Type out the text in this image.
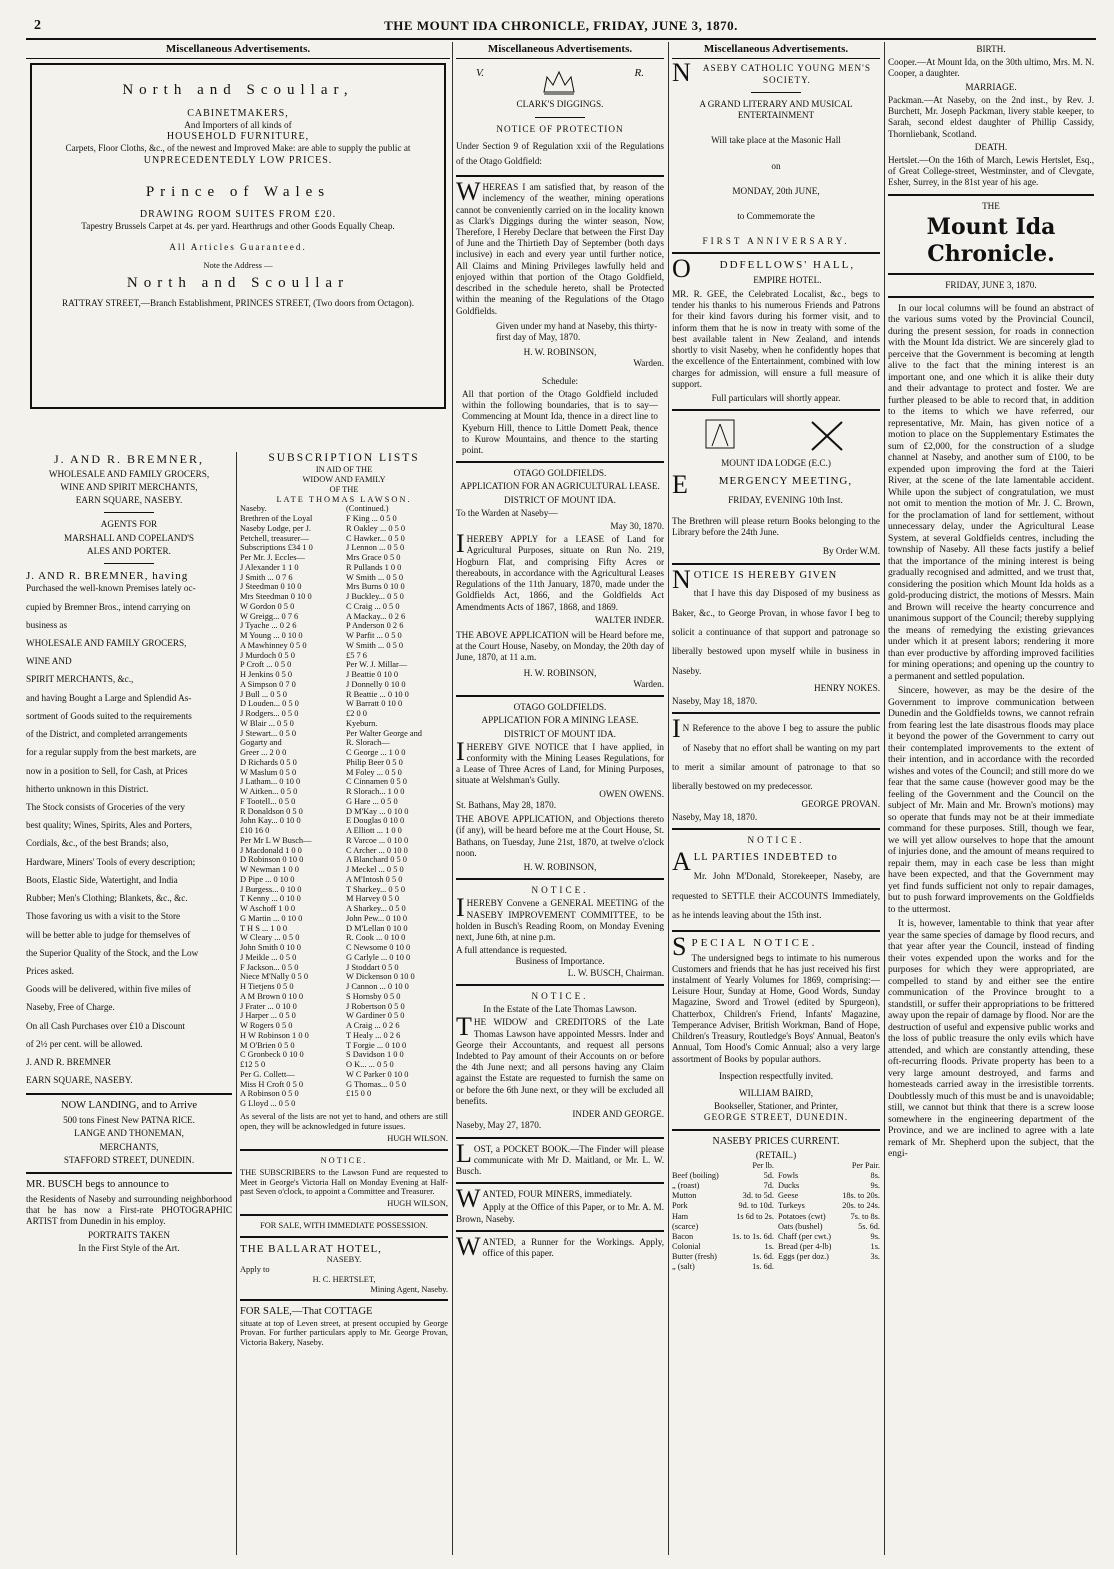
2	THE MOUNT IDA CHRONICLE, FRIDAY, JUNE 3, 1870.
Miscellaneous Advertisements.
North and Scoullar,
CABINETMAKERS,
And Importers of all kinds of
HOUSEHOLD FURNITURE,
Carpets, Floor Cloths, &c., of the newest and Improved Make: are able to supply the public at
UNPRECEDENTEDLY LOW PRICES.
Prince of Wales
DRAWING ROOM SUITES FROM £20.
Tapestry Brussels Carpet at 4s. per yard. Hearthrugs and other Goods Equally Cheap.
All Articles Guaranteed.
Note the Address —
North and Scoullar
RATTRAY STREET,—Branch Establishment, PRINCES STREET, (Two doors from Octagon).
J. AND R. BREMNER,

WHOLESALE AND FAMILY GROCERS,

WINE AND SPIRIT MERCHANTS,

EARN SQUARE, NASEBY.

AGENTS FOR

MARSHALL AND COPELAND'S

ALES AND PORTER.

J. AND R. BREMNER, having
Purchased the well-known Premises lately oc-
cupied by Bremner Bros., intend carrying on
business as
WHOLESALE AND FAMILY GROCERS,
WINE AND
SPIRIT MERCHANTS, &c.,
and having Bought a Large and Splendid As-
sortment of Goods suited to the requirements
of the District, and completed arrangements
for a regular supply from the best markets, are
now in a position to Sell, for Cash, at Prices
hitherto unknown in this District.
The Stock consists of Groceries of the very
best quality; Wines, Spirits, Ales and Porters,
Cordials, &c., of the best Brands; also,
Hardware, Miners' Tools of every description;
Boots, Elastic Side, Watertight, and India
Rubber; Men's Clothing; Blankets, &c., &c.
Those favoring us with a visit to the Store
will be better able to judge for themselves of
the Superior Quality of the Stock, and the Low
Prices asked.
Goods will be delivered, within five miles of
Naseby, Free of Charge.
On all Cash Purchases over £10 a Discount
of 2½ per cent. will be allowed.
J. AND R. BREMNER
EARN SQUARE, NASEBY.
NOW LANDING, and to Arrive

500 tons Finest New PATNA RICE.

LANGE AND THONEMAN,

MERCHANTS,

STAFFORD STREET, DUNEDIN.

MR. BUSCH begs to announce to

the Residents of Naseby and surrounding neighborhood that he has now a First-rate PHOTOGRAPHIC ARTIST from Dunedin in his employ.

PORTRAITS TAKEN

In the First Style of the Art.

SUBSCRIPTION LISTS
IN AID OF THE
WIDOW AND FAMILY
OF THE
LATE THOMAS LAWSON.
Naseby.
Brethren of the Loyal
Naseby Lodge, per J.
Petchell, treasurer—
Subscriptions £34 1 0
Per Mr. J. Eccles—
J Alexander 1 1 0
J Smith ... 0 7 6
J Steedman 0 10 0
Mrs Steedman 0 10 0
W Gordon 0 5 0
W Greigg... 0 7 6
J Tyache ... 0 2 6
M Young ... 0 10 0
A Mawhinney 0 5 0
J Murdoch 0 5 0
P Croft ... 0 5 0
H Jenkins 0 5 0
A Simpson 0 7 0
J Bull ... 0 5 0
D Louden... 0 5 0
J Rodgers... 0 5 0
W Blair ... 0 5 0
J Stewart... 0 5 0
Gogarty and
Greer ... 2 0 0
D Richards 0 5 0
W Maslum 0 5 0
J Latham... 0 10 0
W Aitken... 0 5 0
F Tootell... 0 5 0
R Donaldson 0 5 0
John Kay... 0 10 0
£10 16 0
Per Mr L W Busch—
J Macdonald 1 0 0
D Robinson 0 10 0
W Newman 1 0 0
D Pipe ... 0 10 0
J Burgess... 0 10 0
T Kenny ... 0 10 0
W Aschoff 1 0 0
G Martin ... 0 10 0
T H S ... 1 0 0
W Cleary ... 0 5 0
John Smith 0 10 0
J Meikle ... 0 5 0
F Jackson... 0 5 0
Niece M'Nally 0 5 0
H Tietjens 0 5 0
A M Brown 0 10 0
J Frater ... 0 10 0
J Harper ... 0 5 0
W Rogers 0 5 0
H W Robinson 1 0 0
M O'Brien 0 5 0
C Gronbeck 0 10 0
£12 5 0
Per G. Collett—
Miss H Croft 0 5 0
A Robinson 0 5 0
G Lloyd ... 0 5 0
(Continued.)
F King ... 0 5 0
R Oakley ... 0 5 0
C Hawker... 0 5 0
J Lennon ... 0 5 0
Mrs Grace 0 5 0
R Pullands 1 0 0
W Smith ... 0 5 0
Mrs Burns 0 10 0
J Buckley... 0 5 0
C Craig ... 0 5 0
A Mackay... 0 2 6
P Anderson 0 2 6
W Parfit ... 0 5 0
W Smith ... 0 5 0
£5 7 6
Per W. J. Millar—
J Beattie 0 10 0
J Donnelly 0 10 0
R Beattie ... 0 10 0
W Barratt 0 10 0
£2 0 0
Kyeburn.
Per Walter George and
R. Slorach—
C George ... 1 0 0
Philip Beer 0 5 0
M Foley ... 0 5 0
C Cinnamen 0 5 0
R Slorach... 1 0 0
G Hare ... 0 5 0
D M'Kay ... 0 10 0
E Douglas 0 10 0
A Elliott ... 1 0 0
R Varcoe ... 0 10 0
C Archer ... 0 10 0
A Blanchard 0 5 0
J Meckel ... 0 5 0
A M'Intosh 0 5 0
T Sharkey... 0 5 0
M Harvey 0 5 0
A Sharkey... 0 5 0
John Pew... 0 10 0
D M'Lellan 0 10 0
R. Cook ... 0 10 0
C Newsome 0 10 0
G Carlyle ... 0 10 0
J Stoddart 0 5 0
W Dickenson 0 10 0
J Cannon ... 0 10 0
S Hornsby 0 5 0
J Robertson 0 5 0
W Gardiner 0 5 0
A Craig ... 0 2 6
T Healy ... 0 2 6
T Forgie ... 0 10 0
S Davidson 1 0 0
O K... ... 0 5 0
W C Parker 0 10 0
G Thomas... 0 5 0
£15 0 0

As several of the lists are not yet to hand, and others are still open, they will be acknowledged in future issues.

HUGH WILSON.

NOTICE.

THE SUBSCRIBERS to the Lawson Fund are requested to Meet in George's Victoria Hall on Monday Evening at Half-past Seven o'clock, to appoint a Committee and Treasurer.

HUGH WILSON,

FOR SALE, WITH IMMEDIATE POSSESSION.

THE BALLARAT HOTEL,

NASEBY.

Apply to

H. C. HERTSLET,

Mining Agent, Naseby.

FOR SALE,—That COTTAGE

situate at top of Leven street, at present occupied by George Provan. For further particulars apply to Mr. George Provan, Victoria Bakery, Naseby.

Miscellaneous Advertisements.
V.	R.

CLARK'S DIGGINGS.

NOTICE OF PROTECTION

Under Section 9 of Regulation xxii of the Regulations of the Otago Goldfield:

WHEREAS I am satisfied that, by reason of the inclemency of the weather, mining operations cannot be conveniently carried on in the locality known as Clark's Diggings during the winter season, Now, Therefore, I Hereby Declare that between the First Day of June and the Thirtieth Day of September (both days inclusive) in each and every year until further notice, All Claims and Mining Privileges lawfully held and enjoyed within that portion of the Otago Goldfield, described in the schedule hereto, shall be Protected within the meaning of the Regulations of the Otago Goldfields.

Given under my hand at Naseby, this thirty-first day of May, 1870.

H. W. ROBINSON,

Warden.

Schedule:

All that portion of the Otago Goldfield included within the following boundaries, that is to say—Commencing at Mount Ida, thence in a direct line to Kyeburn Hill, thence to Little Domett Peak, thence to Kurow Mountains, and thence to the starting point.

OTAGO GOLDFIELDS.

APPLICATION FOR AN AGRICULTURAL LEASE.

DISTRICT OF MOUNT IDA.

To the Warden at Naseby—

May 30, 1870.

IHEREBY APPLY for a LEASE of Land for Agricultural Purposes, situate on Run No. 219, Hogburn Flat, and comprising Fifty Acres or thereabouts, in accordance with the Agricultural Leases Regulations of the 11th January, 1870, made under the Goldfields Act, 1866, and the Goldfields Act Amendments Acts of 1867, 1868, and 1869.

WALTER INDER.

THE ABOVE APPLICATION will be Heard before me, at the Court House, Naseby, on Monday, the 20th day of June, 1870, at 11 a.m.

H. W. ROBINSON,

Warden.

OTAGO GOLDFIELDS.

APPLICATION FOR A MINING LEASE.

DISTRICT OF MOUNT IDA.

IHEREBY GIVE NOTICE that I have applied, in conformity with the Mining Leases Regulations, for a Lease of Three Acres of Land, for Mining Purposes, situate at Welshman's Gully.

OWEN OWENS.

St. Bathans, May 28, 1870.

THE ABOVE APPLICATION, and Objections thereto (if any), will be heard before me at the Court House, St. Bathans, on Tuesday, June 21st, 1870, at twelve o'clock noon.

H. W. ROBINSON,

NOTICE.

IHEREBY Convene a GENERAL MEETING of the NASEBY IMPROVEMENT COMMITTEE, to be holden in Busch's Reading Room, on Monday Evening next, June 6th, at nine p.m.

A full attendance is requested.

Business of Importance.

L. W. BUSCH, Chairman.

NOTICE.

In the Estate of the Late Thomas Lawson.

THE WIDOW and CREDITORS of the Late Thomas Lawson have appointed Messrs. Inder and George their Accountants, and request all persons Indebted to Pay amount of their Accounts on or before the 4th June next; and all persons having any Claim against the Estate are requested to furnish the same on or before the 6th June next, or they will be excluded all benefits.

INDER AND GEORGE.

Naseby, May 27, 1870.

LOST, a POCKET BOOK.—The Finder will please communicate with Mr D. Maitland, or Mr. L. W. Busch.

WANTED, FOUR MINERS, immediately.

Apply at the Office of this Paper, or to Mr. A. M. Brown, Naseby.

WANTED, a Runner for the Workings. Apply, office of this paper.

Miscellaneous Advertisements.

NASEBY CATHOLIC YOUNG MEN'S SOCIETY.

A GRAND LITERARY AND MUSICAL ENTERTAINMENT

Will take place at the Masonic Hall

on

MONDAY, 20th JUNE,

to Commemorate the

FIRST ANNIVERSARY.

ODDFELLOWS' HALL,

EMPIRE HOTEL.

MR. R. GEE, the Celebrated Localist, &c., begs to tender his thanks to his numerous Friends and Patrons for their kind favors during his former visit, and to inform them that he is now in treaty with some of the best available talent in New Zealand, and intends shortly to visit Naseby, when he confidently hopes that the excellence of the Entertainment, combined with low charges for admission, will ensure a full measure of support.

Full particulars will shortly appear.

MOUNT IDA LODGE (E.C.)

EMERGENCY MEETING,

FRIDAY, EVENING 10th Inst.

The Brethren will please return Books belonging to the Library before the 24th June.

By Order W.M.

NOTICE IS HEREBY GIVEN

that I have this day Disposed of my business as Baker, &c., to George Provan, in whose favor I beg to solicit a continuance of that support and patronage so liberally bestowed upon myself while in business in Naseby.

HENRY NOKES.

Naseby, May 18, 1870.

IN Reference to the above I beg to assure the public of Naseby that no effort shall be wanting on my part to merit a similar amount of patronage to that so liberally bestowed on my predecessor.

GEORGE PROVAN.

Naseby, May 18, 1870.

NOTICE.

ALL PARTIES INDEBTED to

Mr. John M'Donald, Storekeeper, Naseby, are requested to SETTLE their ACCOUNTS Immediately, as he intends leaving about the 15th inst.

SPECIAL NOTICE.

The undersigned begs to intimate to his numerous Customers and friends that he has just received his first instalment of Yearly Volumes for 1869, comprising:—Leisure Hour, Sunday at Home, Good Words, Sunday Magazine, Sword and Trowel (edited by Spurgeon), Chatterbox, Children's Friend, Infants' Magazine, Temperance Adviser, British Workman, Band of Hope, Children's Treasury, Routledge's Boys' Annual, Beaton's Annual, Tom Hood's Comic Annual; also a very large assortment of Books by popular authors.

Inspection respectfully invited.

WILLIAM BAIRD,

Bookseller, Stationer, and Printer,

GEORGE STREET, DUNEDIN.

NASEBY PRICES CURRENT.

(RETAIL.)

Per lb.
Beef (boiling)	5d.
„ (roast)	7d.
Mutton	3d. to 5d.
Pork	9d. to 10d.
Ham	1s 6d to 2s.
(scarce)
Bacon	1s. to 1s. 6d.
Colonial	1s.
Butter (fresh)	1s. 6d.
„ (salt)	1s. 6d.
Per Pair.
Fowls	8s.
Ducks	9s.
Geese	18s. to 20s.
Turkeys	20s. to 24s.
Potatoes (cwt)	7s. to 8s.
Oats (bushel)	5s. 6d.
Chaff (per cwt.)	9s.
Bread (per 4-lb)	1s.
Eggs (per doz.)	3s.

BIRTH.

Cooper.—At Mount Ida, on the 30th ultimo, Mrs. M. N. Cooper, a daughter.

MARRIAGE.

Packman.—At Naseby, on the 2nd inst., by Rev. J. Burchett, Mr. Joseph Packman, livery stable keeper, to Sarah, second eldest daughter of Phillip Cassidy, Thornliebank, Scotland.

DEATH.

Hertslet.—On the 16th of March, Lewis Hertslet, Esq., of Great College-street, Westminster, and of Clevgate, Esher, Surrey, in the 81st year of his age.

THE

Mount Ida Chronicle.

FRIDAY, JUNE 3, 1870.

In our local columns will be found an abstract of the various sums voted by the Provincial Council, during the present session, for roads in connection with the Mount Ida district. We are sincerely glad to perceive that the Government is becoming at length alive to the fact that the mining interest is an important one, and one which it is alike their duty and their advantage to protect and foster. We are further pleased to be able to record that, in addition to the items to which we have referred, our representative, Mr. Main, has given notice of a motion to place on the Supplementary Estimates the sum of £2,000, for the construction of a sludge channel at Naseby, and another sum of £100, to be expended upon improving the ford at the Taieri River, at the scene of the late lamentable accident. While upon the subject of congratulation, we must not omit to mention the motion of Mr. J. C. Brown, for the proclamation of land for settlement, without unnecessary delay, under the Agricultural Lease System, at several Goldfields centres, including the township of Naseby. All these facts justify a belief that the importance of the mining interest is being gradually recognised and admitted, and we trust that, considering the position which Mount Ida holds as a gold-producing district, the motions of Messrs. Main and Brown will receive the hearty concurrence and unanimous support of the Council; thereby supplying the means of remedying the existing grievances under which it at present labors; rendering it more than ever productive by affording improved facilities for mining operations; and opening up the country to a permanent and settled population.

Sincere, however, as may be the desire of the Government to improve communication between Dunedin and the Goldfields towns, we cannot refrain from fearing lest the late disastrous floods may place it beyond the power of the Government to carry out their contemplated improvements to the extent of their intention, and in accordance with the recorded wishes and votes of the Council; and still more do we fear that the same cause (however good may be the feeling of the Government and the Council on the subject of Mr. Main and Mr. Brown's motions) may so operate that funds may not be at their immediate command for these purposes. Still, though we fear, we will yet allow ourselves to hope that the amount of injuries done, and the amount of means required to repair them, may in each case be less than might have been expected, and that the Government may yet find funds sufficient not only to repair damages, but to push forward improvements on the Goldfields to the uttermost.

It is, however, lamentable to think that year after year the same species of damage by flood recurs, and that year after year the Council, instead of finding their votes expended upon the works and for the purposes for which they were appropriated, are compelled to stand by and either see the entire communication of the Province brought to a standstill, or suffer their appropriations to be frittered away upon the repair of damage by flood. Nor are the destruction of useful and expensive public works and the loss of public treasure the only evils which have attended, and which are constantly attending, these oft-recurring floods. Private property has been to a very large amount destroyed, and farms and homesteads carried away in the irresistible torrents. Doubtlessly much of this must be and is unavoidable; still, we cannot but think that there is a screw loose somewhere in the engineering department of the Province, and we are inclined to agree with a late remark of Mr. Shepherd upon the subject, that the engi-
